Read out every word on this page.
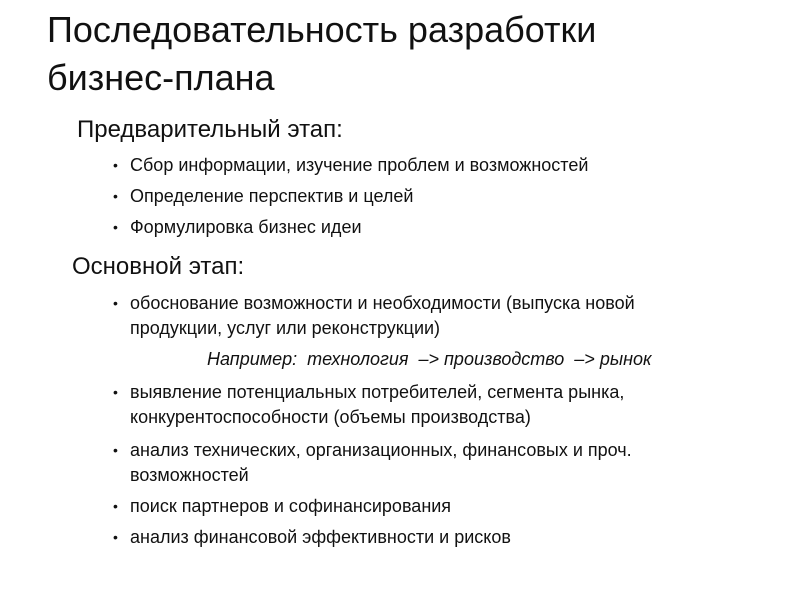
Последовательность разработки
бизнес-плана
Предварительный этап:
• Сбор информации, изучение проблем и возможностей
• Определение перспектив и целей
• Формулировка бизнес идеи
Основной этап:
• обоснование возможности и необходимости (выпуска новой
продукции, услуг или реконструкции)
Например:  технология  –> производство  –> рынок
• выявление потенциальных потребителей, сегмента рынка,
конкурентоспособности (объемы производства)
• анализ технических, организационных, финансовых и проч.
возможностей
• поиск партнеров и софинансирования
• анализ финансовой эффективности и рисков
